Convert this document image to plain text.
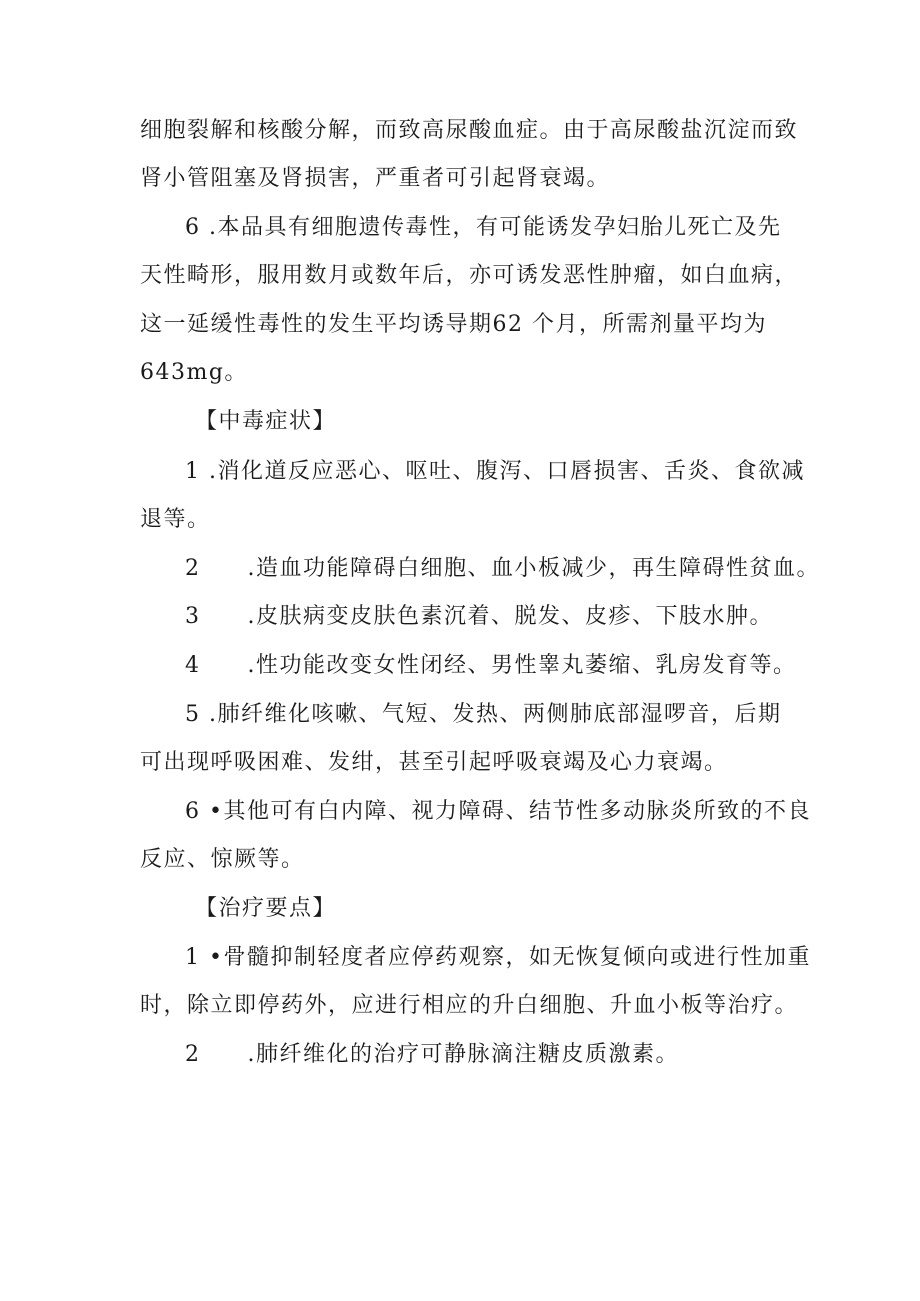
细胞裂解和核酸分解，而致高尿酸血症。由于高尿酸盐沉淀而致
肾小管阻塞及肾损害，严重者可引起肾衰竭。
6 .本品具有细胞遗传毒性，有可能诱发孕妇胎儿死亡及先
天性畸形，服用数月或数年后，亦可诱发恶性肿瘤，如白血病，
这一延缓性毒性的发生平均诱导期62 个月，所需剂量平均为
643mg。
【中毒症状】
1 .消化道反应恶心、呕吐、腹泻、口唇损害、舌炎、食欲减
退等。
2　　.造血功能障碍白细胞、血小板减少，再生障碍性贫血。
3　　.皮肤病变皮肤色素沉着、脱发、皮疹、下肢水肿。
4　　.性功能改变女性闭经、男性睾丸萎缩、乳房发育等。
5 .肺纤维化咳嗽、气短、发热、两侧肺底部湿啰音，后期
可出现呼吸困难、发绀，甚至引起呼吸衰竭及心力衰竭。
6 •其他可有白内障、视力障碍、结节性多动脉炎所致的不良
反应、惊厥等。
【治疗要点】
1 •骨髓抑制轻度者应停药观察，如无恢复倾向或进行性加重
时，除立即停药外，应进行相应的升白细胞、升血小板等治疗。
2　　.肺纤维化的治疗可静脉滴注糖皮质激素。
